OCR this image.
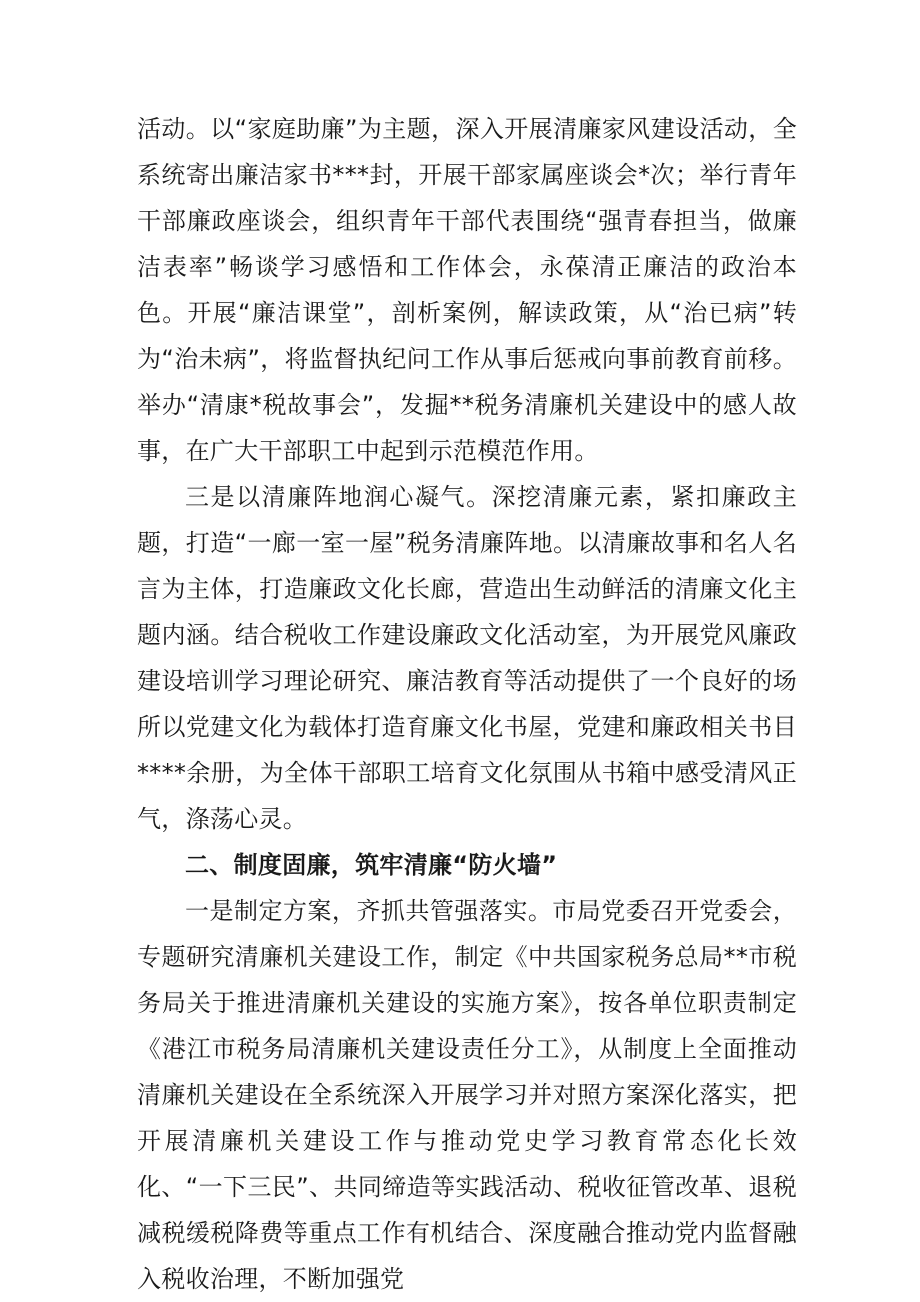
活动。以“家庭助廉”为主题，深入开展清廉家风建设活动，全系统寄出廉洁家书***封，开展干部家属座谈会*次；举行青年干部廉政座谈会，组织青年干部代表围绕“强青春担当，做廉洁表率”畅谈学习感悟和工作体会，永葆清正廉洁的政治本色。开展“廉洁课堂”，剖析案例，解读政策，从“治已病”转为“治未病”，将监督执纪问工作从事后惩戒向事前教育前移。举办“清康*税故事会”，发掘**税务清廉机关建设中的感人故事，在广大干部职工中起到示范模范作用。

三是以清廉阵地润心凝气。深挖清廉元素，紧扣廉政主题，打造“一廊一室一屋”税务清廉阵地。以清廉故事和名人名言为主体，打造廉政文化长廊，营造出生动鲜活的清廉文化主题内涵。结合税收工作建设廉政文化活动室，为开展党风廉政建设培训学习理论研究、廉洁教育等活动提供了一个良好的场所以党建文化为载体打造育廉文化书屋，党建和廉政相关书目****余册，为全体干部职工培育文化氛围从书箱中感受清风正气，涤荡心灵。

二、制度固廉，筑牢清廉“防火墙”

一是制定方案，齐抓共管强落实。市局党委召开党委会，专题研究清廉机关建设工作，制定《中共国家税务总局**市税务局关于推进清廉机关建设的实施方案》，按各单位职责制定《港江市税务局清廉机关建设责任分工》，从制度上全面推动清廉机关建设在全系统深入开展学习并对照方案深化落实，把开展清廉机关建设工作与推动党史学习教育常态化长效化、“一下三民”、共同缔造等实践活动、税收征管改革、退税减税缓税降费等重点工作有机结合、深度融合推动党内监督融入税收治理，不断加强党
